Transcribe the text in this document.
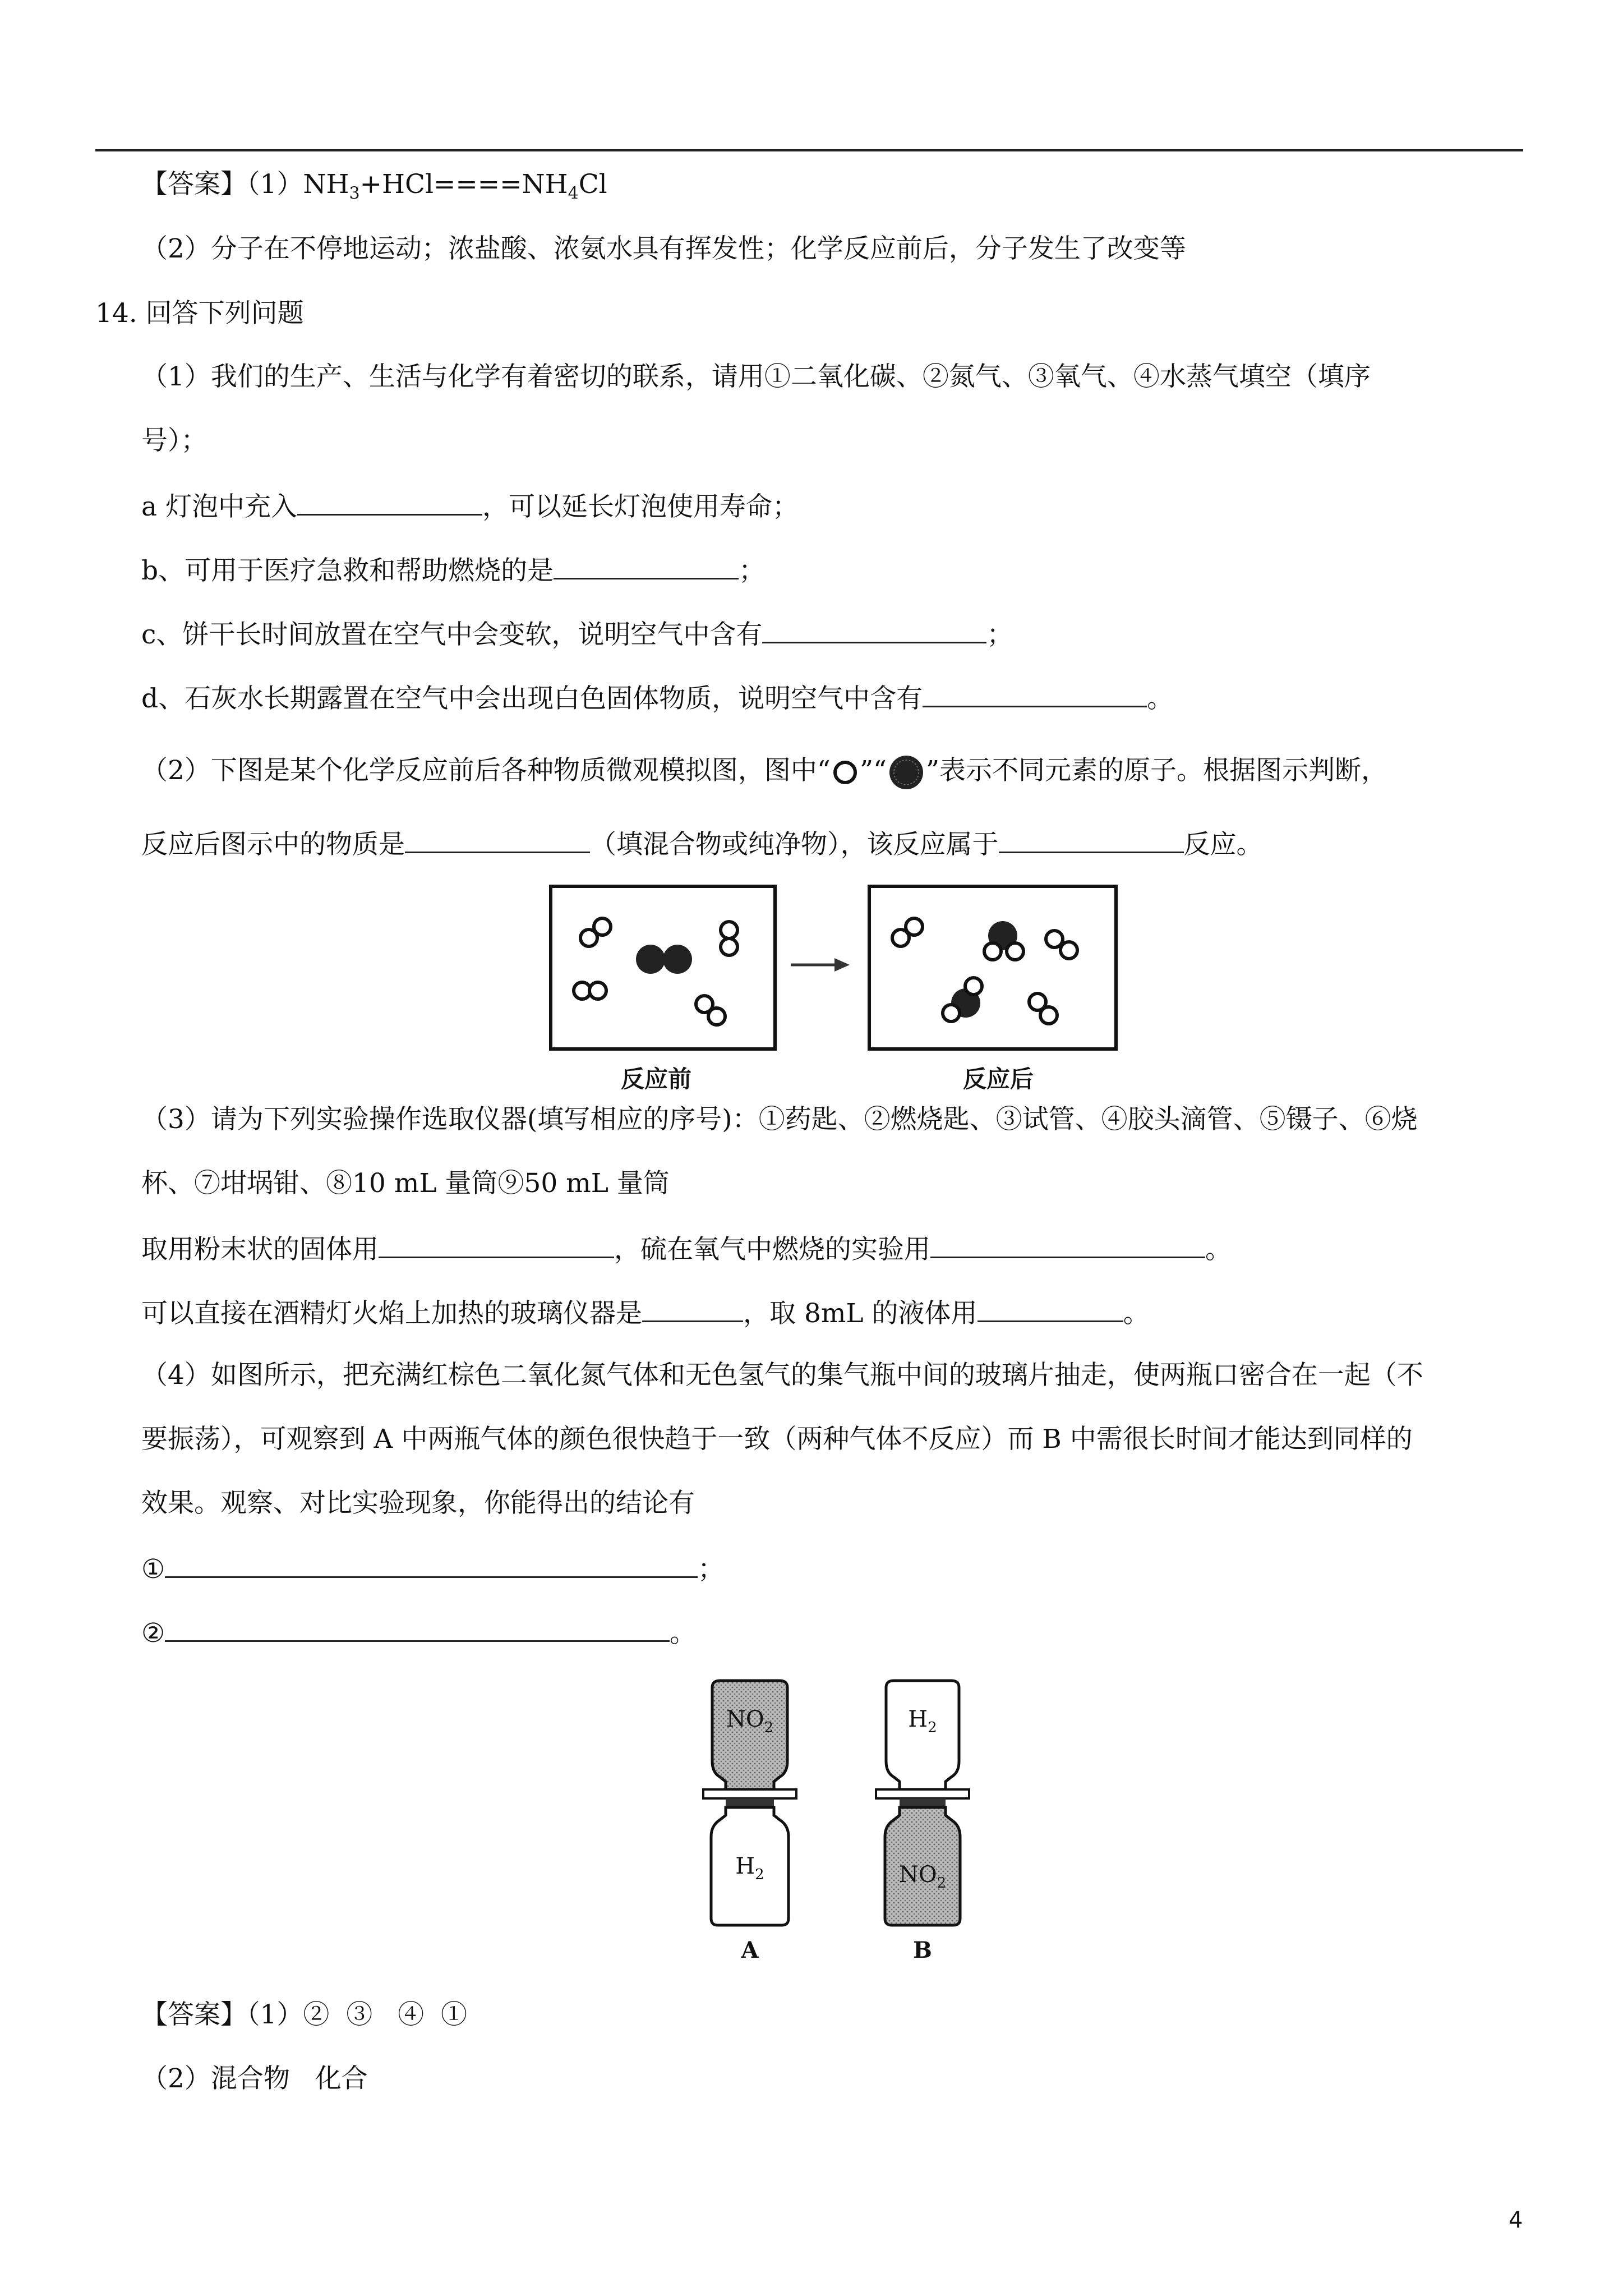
【答案】$(1)NH_3+HCl====NH_4Cl$
（2）分子在不停地运动；浓盐酸、浓氨水具有挥发性；化学反应前后，分子发生了改变等
14. 回答下列问题
（1）我们的生产、生活与化学有着密切的联系，请用①二氧化碳、②氮气、③氧气、④水蒸气填空（填序
号）；
a 灯泡中充入	，可以延长灯泡使用寿命；
b、可用于医疗急救和帮助燃烧的是	；
c、饼干长时间放置在空气中会变软，说明空气中含有	；
d、石灰水长期露置在空气中会出现白色固体物质，说明空气中含有	。
（2）下图是某个化学反应前后各种物质微观模拟图，图中“ ”“ ”表示不同元素的原子。根据图示判断，
反应后图示中的物质是	（填混合物或纯净物），该反应属于	反应。
反应前	反应后
（3）请为下列实验操作选取仪器(填写相应的序号)：①药匙、②燃烧匙、③试管、④胶头滴管、⑤镊子、⑥烧
杯、⑦坩埚钳、⑧10 mL 量筒⑨50 mL 量筒
取用粉末状的固体用	，硫在氧气中燃烧的实验用	。
可以直接在酒精灯火焰上加热的玻璃仪器是	，取 8mL 的液体用	。
（4）如图所示，把充满红棕色二氧化氮气体和无色氢气的集气瓶中间的玻璃片抽走，使两瓶口密合在一起（不
要振荡），可观察到 A 中两瓶气体的颜色很快趋于一致（两种气体不反应）而 B 中需很长时间才能达到同样的
效果。观察、对比实验现象，你能得出的结论有
①	；
②	。
$NO_2$
$H_2$
A
$H_2$
$NO_2$
B
【答案】（1）②  ③   ④  ①
（2）混合物   化合
4
